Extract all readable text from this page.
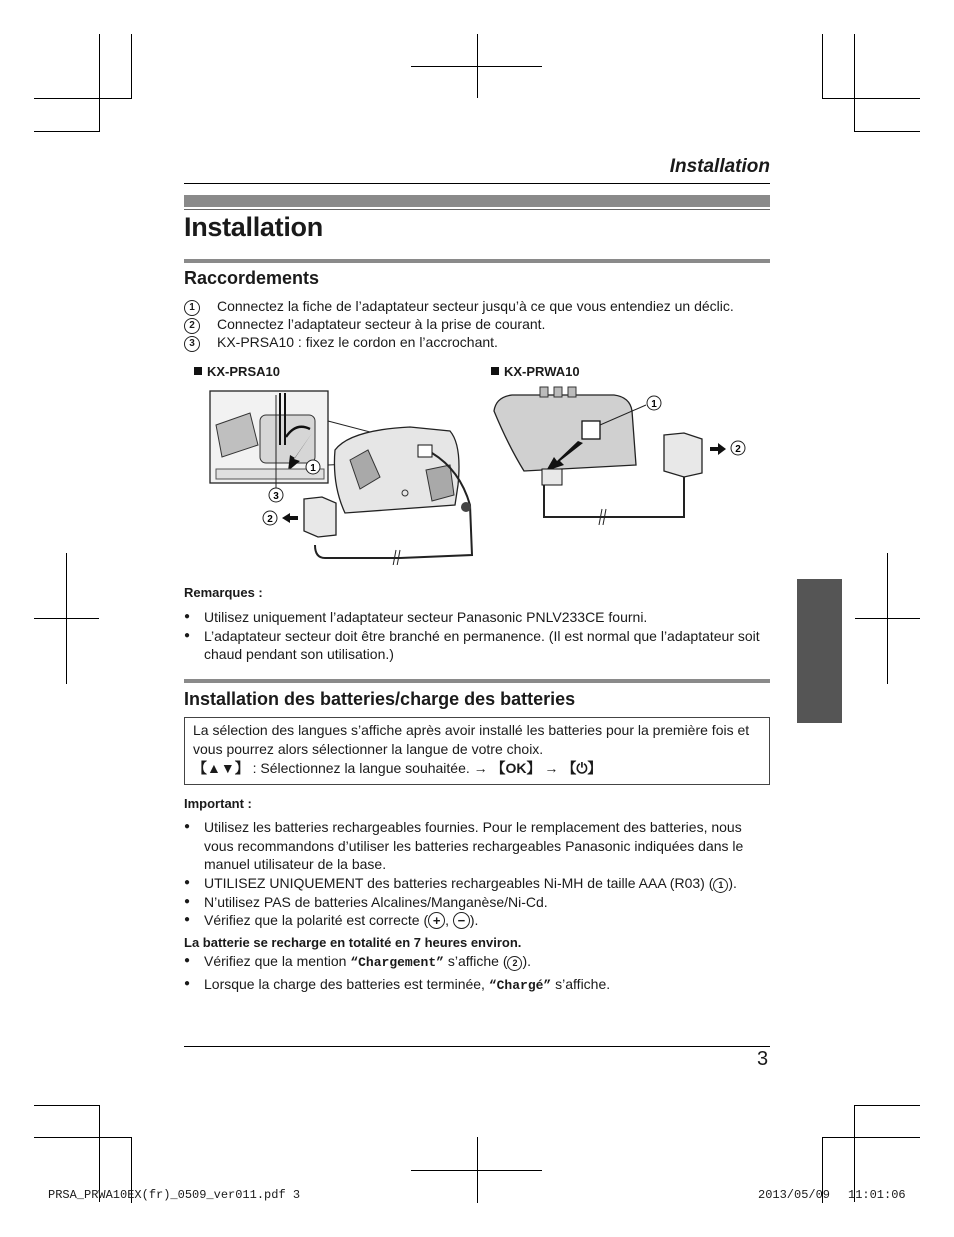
Installation
Installation
Raccordements
1 Connectez la fiche de l’adaptateur secteur jusqu’à ce que vous entendiez un déclic.
2 Connectez l’adaptateur secteur à la prise de courant.
3 KX-PRSA10 : fixez le cordon en l’accrochant.
KX-PRSA10	KX-PRWA10
1
3
2
1
2
Remarques :
● Utilisez uniquement l’adaptateur secteur Panasonic PNLV233CE fourni.
● L’adaptateur secteur doit être branché en permanence. (Il est normal que l’adaptateur soit chaud pendant son utilisation.)
Installation des batteries/charge des batteries

La sélection des langues s’affiche après avoir installé les batteries pour la première fois et vous pourrez alors sélectionner la langue de votre choix.

【▲▼】 : Sélectionnez la langue souhaitée. → 【OK】 → 【⏻】

Important :
● Utilisez les batteries rechargeables fournies. Pour le remplacement des batteries, nous vous recommandons d’utiliser les batteries rechargeables Panasonic indiquées dans le manuel utilisateur de la base.
● UTILISEZ UNIQUEMENT des batteries rechargeables Ni-MH de taille AAA (R03) ( 1 ).
● N’utilisez PAS de batteries Alcalines/Manganèse/Ni-Cd.
● Vérifiez que la polarité est correcte ( + , − ).
La batterie se recharge en totalité en 7 heures environ.
● Vérifiez que la mention “Chargement” s’affiche ( 2 ).
● Lorsque la charge des batteries est terminée, “Chargé” s’affiche.
3
PRSA_PRWA10EX(fr)_0509_ver011.pdf 3	2013/05/09 11:01:06
